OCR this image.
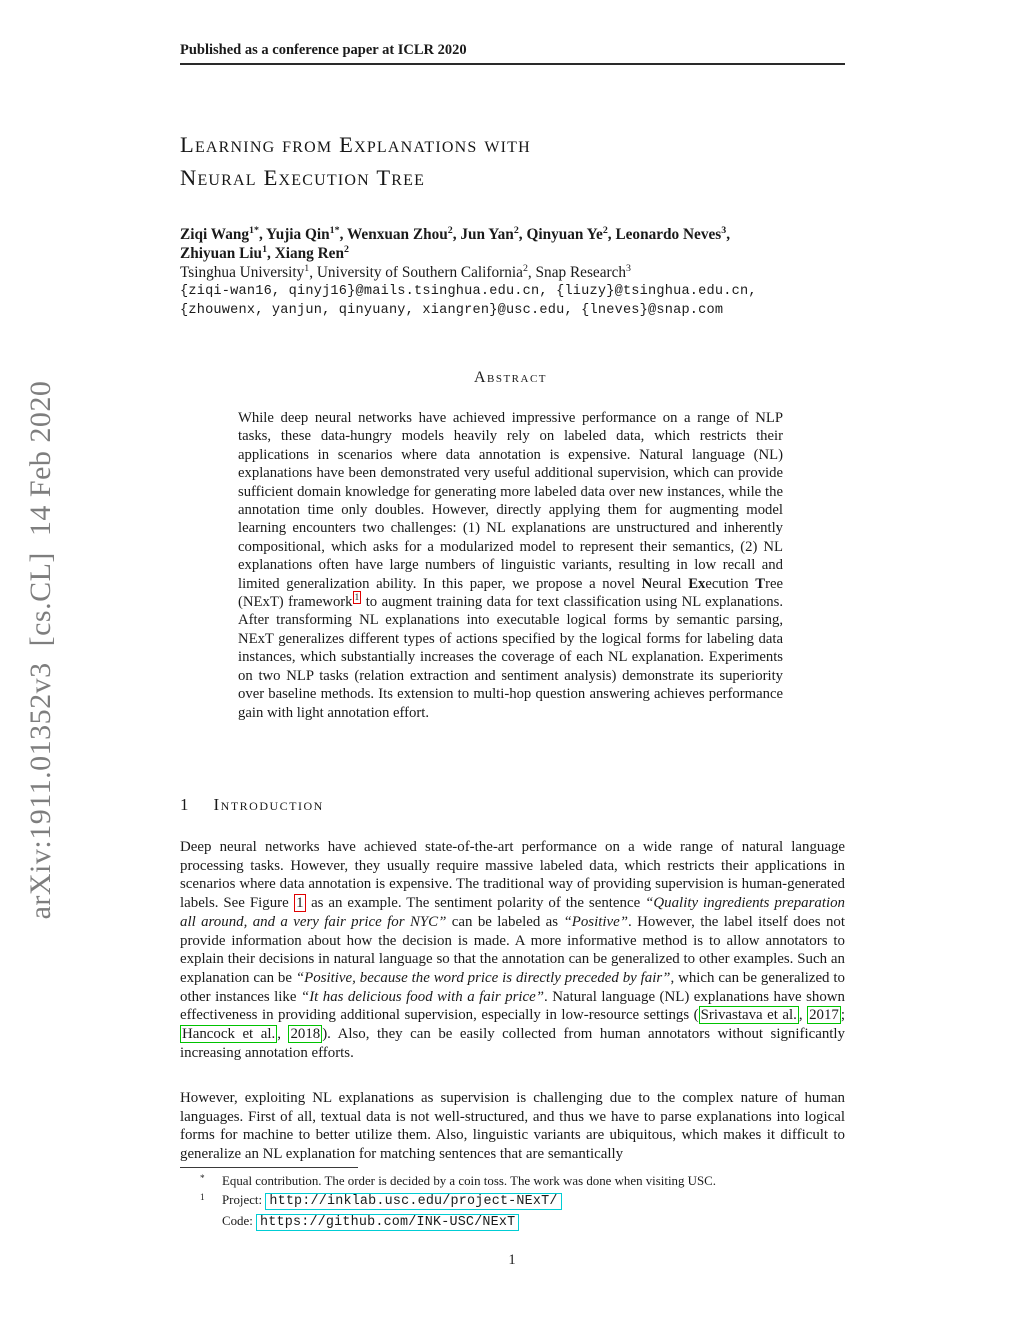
Published as a conference paper at ICLR 2020
arXiv:1911.01352v3  [cs.CL]  14 Feb 2020
Learning from Explanations with
Neural Execution Tree
Ziqi Wang$^{1*}$, Yujia Qin$^{1*}$, Wenxuan Zhou$^2$, Jun Yan$^2$, Qinyuan Ye$^2$, Leonardo Neves$^3$,
Zhiyuan Liu$^1$, Xiang Ren$^2$
Tsinghua University$^1$, University of Southern California$^2$, Snap Research$^3$
{ziqi-wan16, qinyj16}@mails.tsinghua.edu.cn, {liuzy}@tsinghua.edu.cn,
{zhouwenx, yanjun, qinyuany, xiangren}@usc.edu, {lneves}@snap.com
Abstract
While deep neural networks have achieved impressive performance on a range of NLP tasks, these data-hungry models heavily rely on labeled data, which restricts their applications in scenarios where data annotation is expensive. Natural language (NL) explanations have been demonstrated very useful additional supervision, which can provide sufficient domain knowledge for generating more labeled data over new instances, while the annotation time only doubles. However, directly applying them for augmenting model learning encounters two challenges: (1) NL explanations are unstructured and inherently compositional, which asks for a modularized model to represent their semantics, (2) NL explanations often have large numbers of linguistic variants, resulting in low recall and limited generalization ability. In this paper, we propose a novel Neural Execution Tree (NExT) framework $^1$ to augment training data for text classification using NL explanations. After transforming NL explanations into executable logical forms by semantic parsing, NExT generalizes different types of actions specified by the logical forms for labeling data instances, which substantially increases the coverage of each NL explanation. Experiments on two NLP tasks (relation extraction and sentiment analysis) demonstrate its superiority over baseline methods. Its extension to multi-hop question answering achieves performance gain with light annotation effort.
1 Introduction
Deep neural networks have achieved state-of-the-art performance on a wide range of natural language processing tasks. However, they usually require massive labeled data, which restricts their applications in scenarios where data annotation is expensive. The traditional way of providing supervision is human-generated labels. See Figure 1 as an example. The sentiment polarity of the sentence “Quality ingredients preparation all around, and a very fair price for NYC” can be labeled as “Positive”. However, the label itself does not provide information about how the decision is made. A more informative method is to allow annotators to explain their decisions in natural language so that the annotation can be generalized to other examples. Such an explanation can be “Positive, because the word price is directly preceded by fair”, which can be generalized to other instances like “It has delicious food with a fair price”. Natural language (NL) explanations have shown effectiveness in providing additional supervision, especially in low-resource settings ( Srivastava et al. , 2017 ; Hancock et al. , 2018 ). Also, they can be easily collected from human annotators without significantly increasing annotation efforts.
However, exploiting NL explanations as supervision is challenging due to the complex nature of human languages. First of all, textual data is not well-structured, and thus we have to parse explanations into logical forms for machine to better utilize them. Also, linguistic variants are ubiquitous, which makes it difficult to generalize an NL explanation for matching sentences that are semantically
* Equal contribution. The order is decided by a coin toss. The work was done when visiting USC.
1 Project: http://inklab.usc.edu/project-NExT/
Code: https://github.com/INK-USC/NExT
1
